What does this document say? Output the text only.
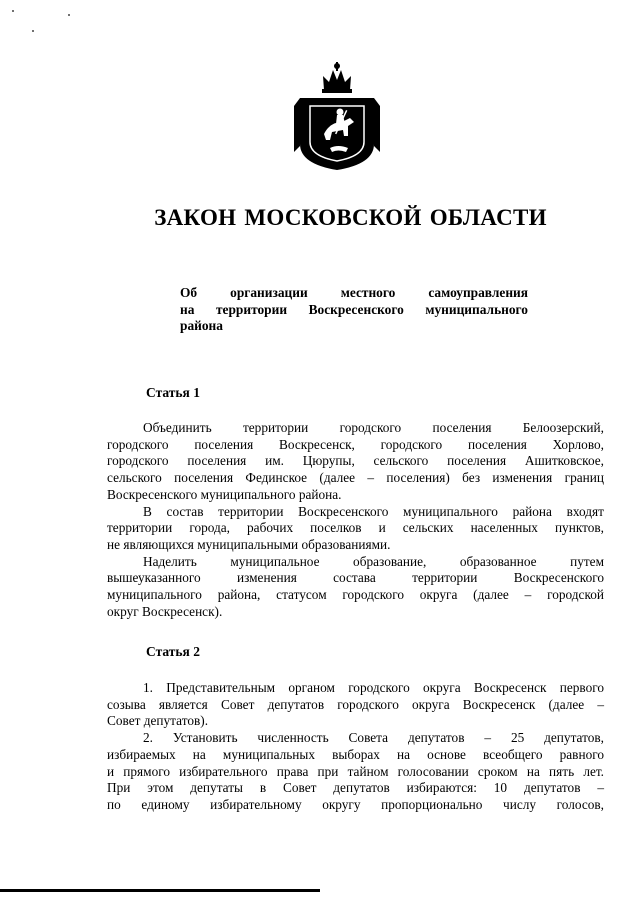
ЗАКОН МОСКОВСКОЙ ОБЛАСТИ
Об организации местного самоуправления
на территории Воскресенского муниципального
района
Статья 1
Объединить территории городского поселения Белоозерский,
городского поселения Воскресенск, городского поселения Хорлово,
городского поселения им. Цюрупы, сельского поселения Ашитковское,
сельского поселения Фединское (далее – поселения) без изменения границ
Воскресенского муниципального района.
В состав территории Воскресенского муниципального района входят
территории города, рабочих поселков и сельских населенных пунктов,
не являющихся муниципальными образованиями.
Наделить муниципальное образование, образованное путем
вышеуказанного изменения состава территории Воскресенского
муниципального района, статусом городского округа (далее – городской
округ Воскресенск).
Статья 2
1. Представительным органом городского округа Воскресенск первого
созыва является Совет депутатов городского округа Воскресенск (далее –
Совет депутатов).
2. Установить численность Совета депутатов – 25 депутатов,
избираемых на муниципальных выборах на основе всеобщего равного
и прямого избирательного права при тайном голосовании сроком на пять лет.
При этом депутаты в Совет депутатов избираются: 10 депутатов –
по единому избирательному округу пропорционально числу голосов,
